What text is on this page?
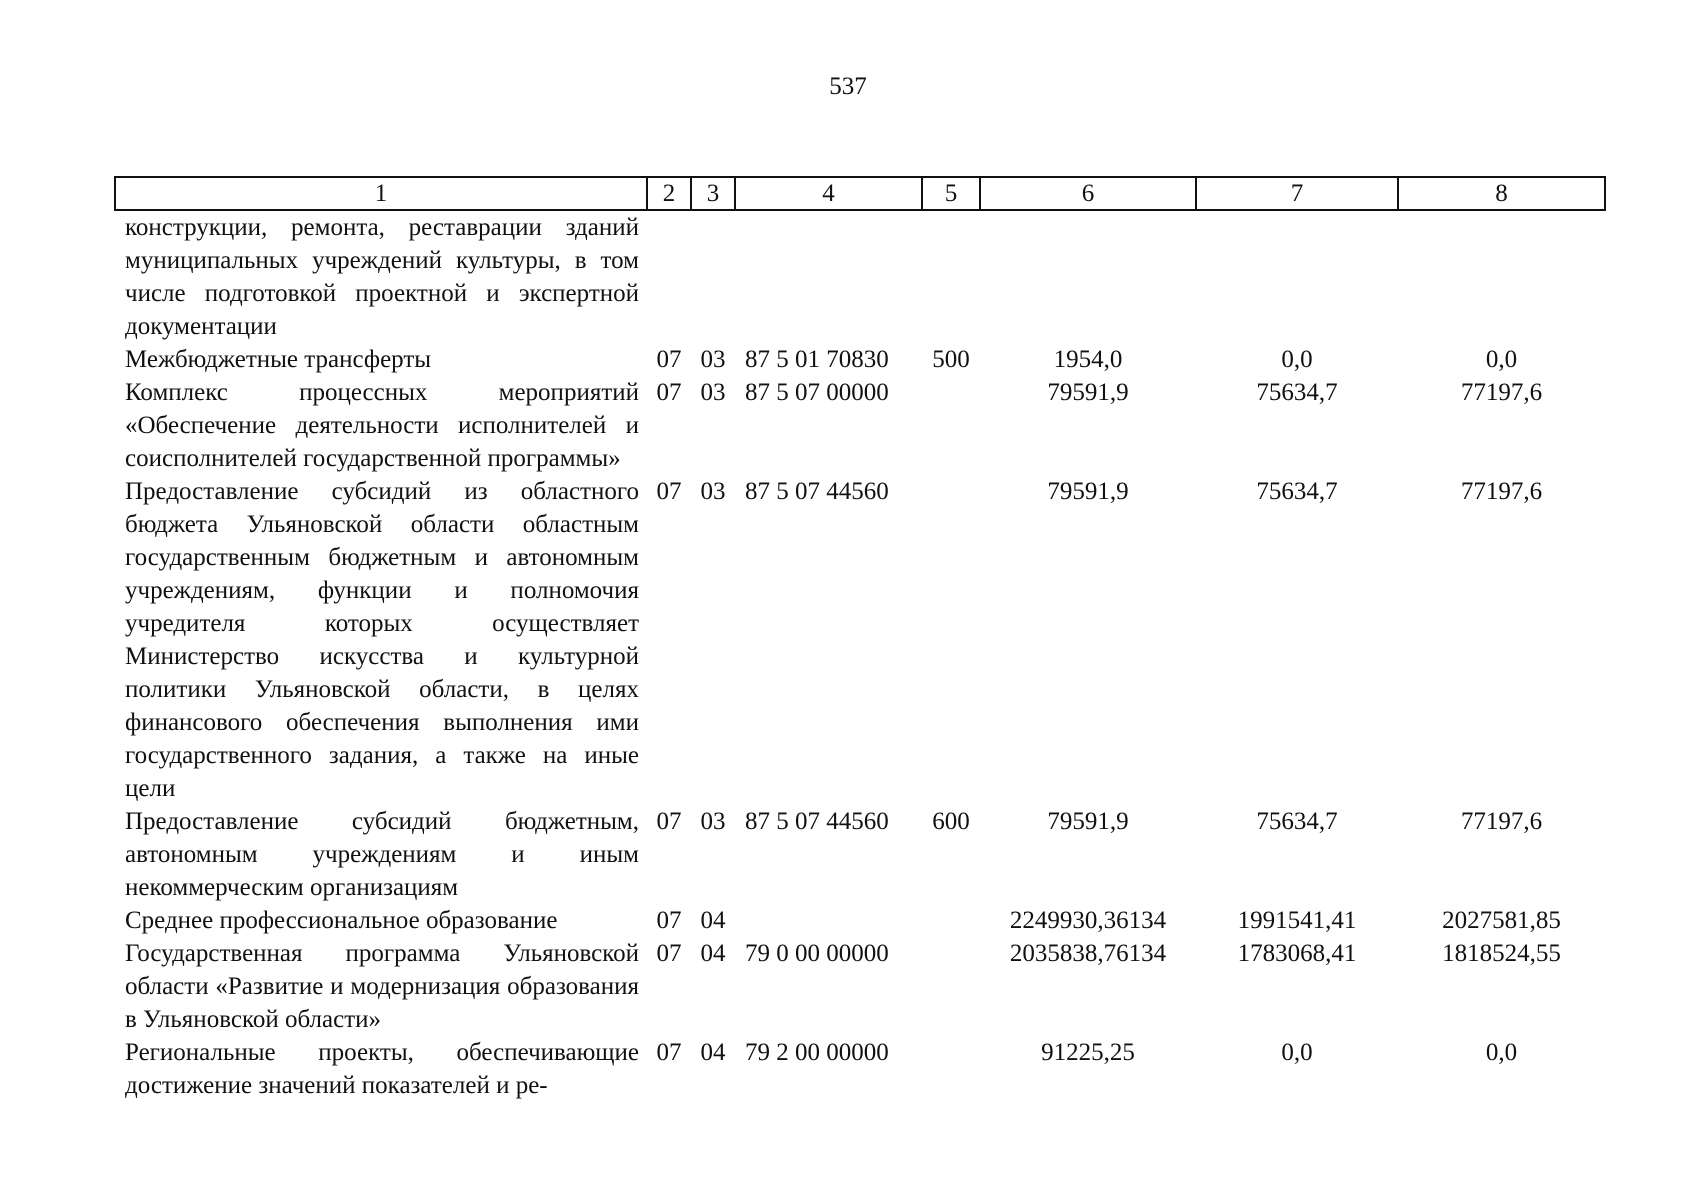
537
1	2	3	4	5	6	7	8
конструкции, ремонта, реставрации зданий муниципальных учреждений культуры, в том числе подготовкой проектной и экспертной документации							
Межбюджетные трансферты	07	03	87 5 01 70830	500	1954,0	0,0	0,0
Комплекс процессных мероприятий «Обеспечение деятельности исполнителей и соисполнителей государственной программы»	07	03	87 5 07 00000		79591,9	75634,7	77197,6
Предоставление субсидий из областного бюджета Ульяновской области областным государственным бюджетным и автономным учреждениям, функции и полномочия учредителя которых осуществляет Министерство искусства и культурной политики Ульяновской области, в целях финансового обеспечения выполнения ими государственного задания, а также на иные цели	07	03	87 5 07 44560		79591,9	75634,7	77197,6
Предоставление субсидий бюджетным, автономным учреждениям и иным некоммерческим организациям	07	03	87 5 07 44560	600	79591,9	75634,7	77197,6
Среднее профессиональное образование	07	04			2249930,36134	1991541,41	2027581,85
Государственная программа Ульяновской области «Развитие и модернизация образования в Ульяновской области»	07	04	79 0 00 00000		2035838,76134	1783068,41	1818524,55
Региональные проекты, обеспечивающие достижение значений показателей и ре-	07	04	79 2 00 00000		91225,25	0,0	0,0
